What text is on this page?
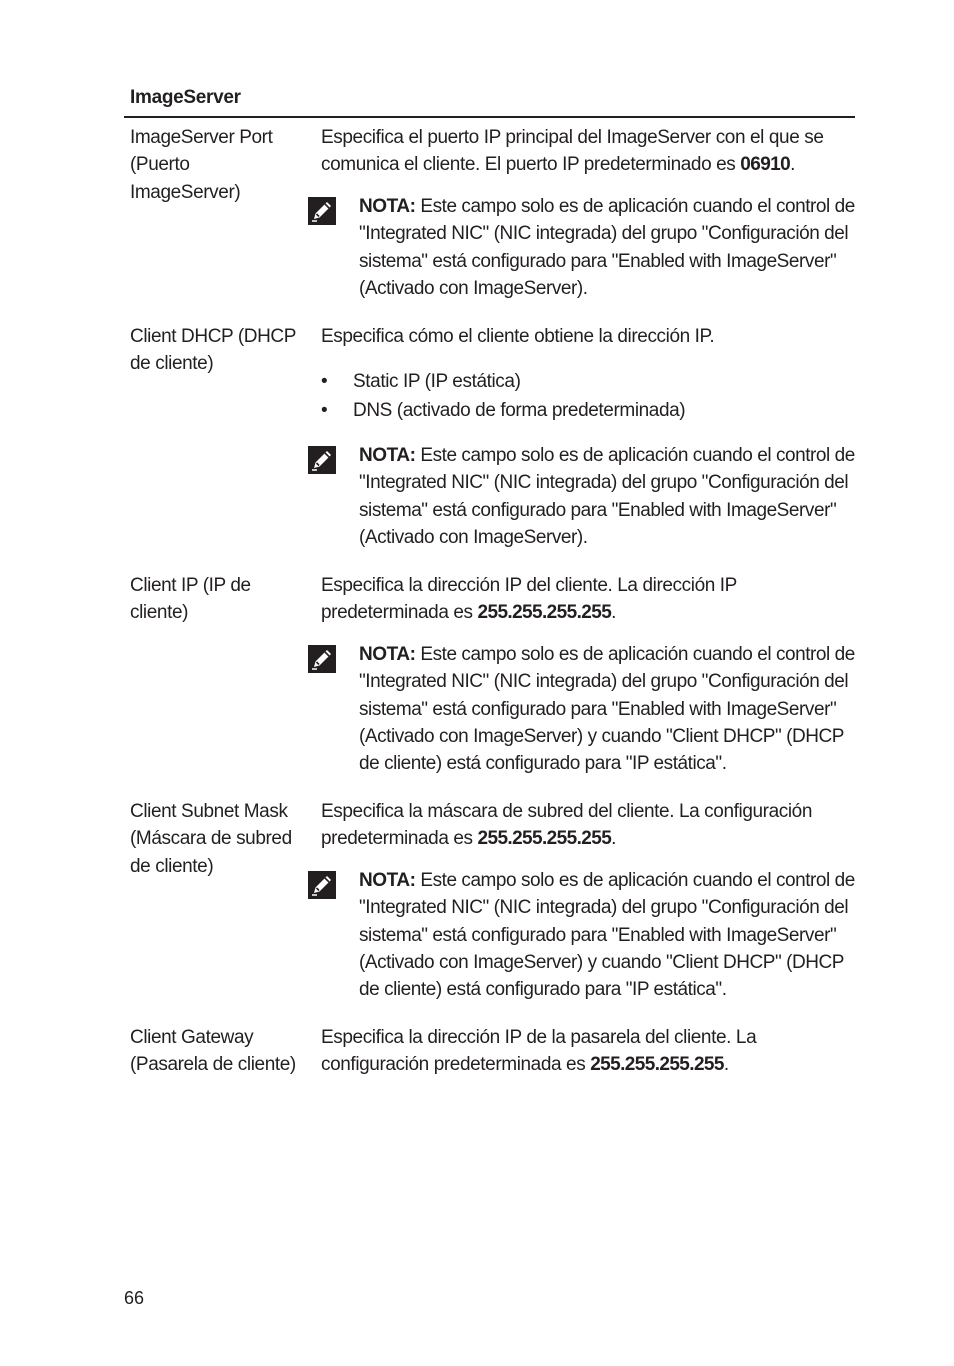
ImageServer
ImageServer Port (Puerto ImageServer)
Especifica el puerto IP principal del ImageServer con el que se comunica el cliente. El puerto IP predeterminado es 06910.
NOTA: Este campo solo es de aplicación cuando el control de "Integrated NIC" (NIC integrada) del grupo "Configuración del sistema" está configurado para "Enabled with ImageServer" (Activado con ImageServer).
Client DHCP (DHCP de cliente)
Especifica cómo el cliente obtiene la dirección IP.
• Static IP (IP estática)
• DNS (activado de forma predeterminada)
NOTA: Este campo solo es de aplicación cuando el control de "Integrated NIC" (NIC integrada) del grupo "Configuración del sistema" está configurado para "Enabled with ImageServer" (Activado con ImageServer).
Client IP (IP de cliente)
Especifica la dirección IP del cliente. La dirección IP predeterminada es 255.255.255.255.
NOTA: Este campo solo es de aplicación cuando el control de "Integrated NIC" (NIC integrada) del grupo "Configuración del sistema" está configurado para "Enabled with ImageServer" (Activado con ImageServer) y cuando "Client DHCP" (DHCP de cliente) está configurado para "IP estática".
Client Subnet Mask (Máscara de subred de cliente)
Especifica la máscara de subred del cliente. La configuración predeterminada es 255.255.255.255.
NOTA: Este campo solo es de aplicación cuando el control de "Integrated NIC" (NIC integrada) del grupo "Configuración del sistema" está configurado para "Enabled with ImageServer" (Activado con ImageServer) y cuando "Client DHCP" (DHCP de cliente) está configurado para "IP estática".
Client Gateway (Pasarela de cliente)
Especifica la dirección IP de la pasarela del cliente. La configuración predeterminada es 255.255.255.255.
66
